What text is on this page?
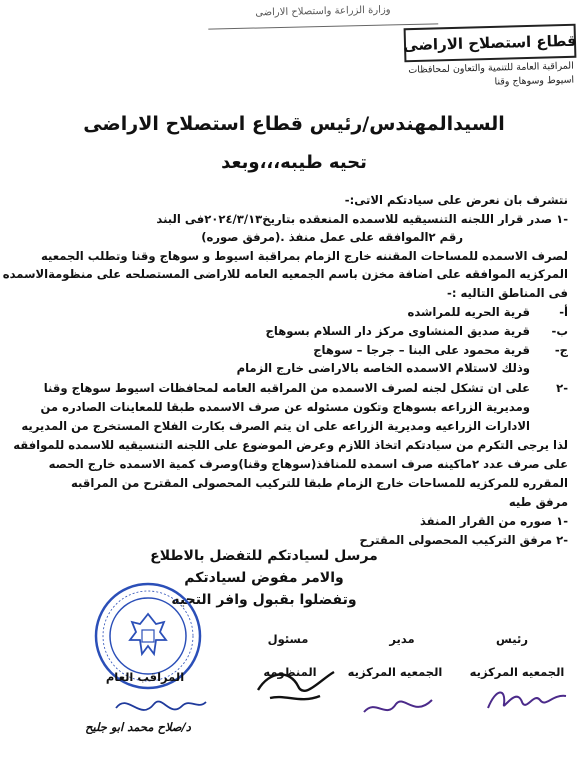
وزارة الزراعة واستصلاح الاراضى
قطاع استصلاح الاراضى
المراقبة العامة للتنمية والتعاون لمحافظات
اسيوط وسوهاج وقنا
السيدالمهندس/رئيس قطاع استصلاح الاراضى
تحيه طيبه،،،وبعد
نتشرف بان نعرض على سيادتكم الاتى:-
-١ صدر قرار اللجنه التنسيقيه للاسمده المنعقده بتاريخ٢٠٢٤/٣/١٣فى البند
رقم ٢الموافقه على عمل منفذ .(مرفق صوره)
لصرف الاسمده للمساحات المقننه خارج الزمام بمراقبة اسيوط و سوهاج وقنا وتطلب الجمعيه
المركزيه الموافقه على اضافة مخزن باسم الجمعيه العامه للاراضى المستصلحه على منظومةالاسمده
فى المناطق التاليه :-
أ-
قرية الحريه للمراشده
ب-
قرية صديق المنشاوى مركز دار السلام بسوهاج
ج-
قرية محمود على البنا – جرجا – سوهاج
وذلك لاستلام الاسمده الخاصه بالاراضى خارج الزمام
-٢
على ان تشكل لجنه لصرف الاسمده من المراقبه العامه لمحافظات اسيوط سوهاج وقنا
ومديرية الزراعه بسوهاج وتكون مسئوله عن صرف الاسمده طبقا للمعاينات الصادره من
الادارات الزراعيه ومديرية الزراعه على ان يتم الصرف بكارت الفلاح المستخرج من المديريه
لذا يرجى التكرم من سيادتكم اتخاذ اللازم وعرض الموضوع على اللجنه التنسيقيه للاسمده للموافقه
على صرف عدد ٢ماكينه صرف اسمده للمنافذ(سوهاج وقنا)وصرف كمية الاسمده خارج الحصه
المقرره للمركزيه للمساحات خارج الزمام طبقا للتركيب المحصولى المقترح من المراقبه
مرفق طيه
-١ صوره من القرار المنفذ
-٢ مرفق التركيب المحصولى المقترح
مرسل لسيادتكم للتفضل بالاطلاع
والامر مفوض لسيادتكم
وتفضلوا بقبول وافر التحيه
رئيس
مدير
مسئول
الجمعيه المركزيه
الجمعيه المركزيه
المنظومه
المراقب العام
د/صلاح محمد ابو جليح
